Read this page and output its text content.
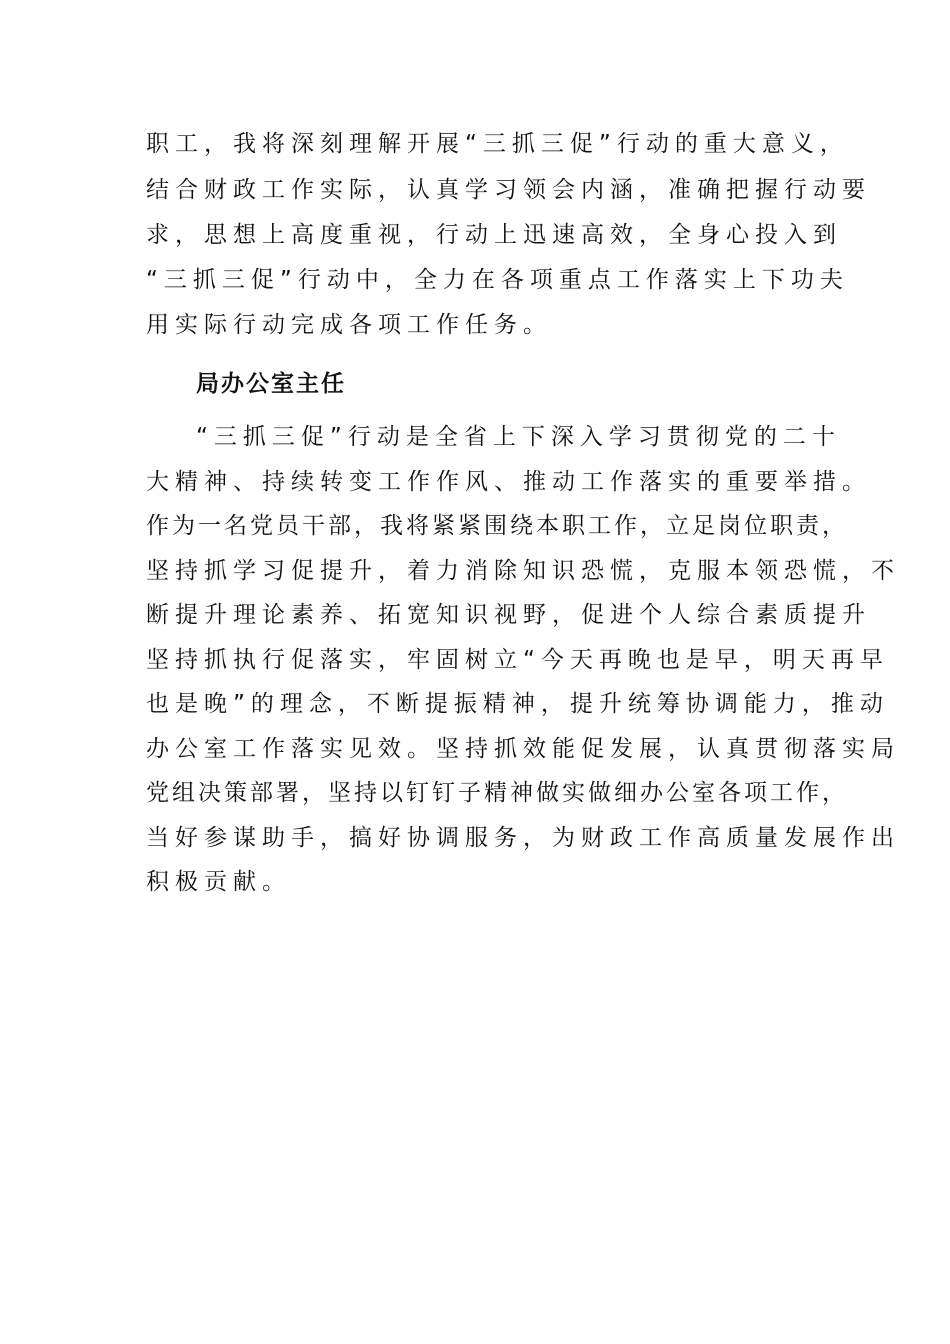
职工，我将深刻理解开展“三抓三促”行动的重大意义，
结合财政工作实际，认真学习领会内涵，准确把握行动要
求，思想上高度重视，行动上迅速高效，全身心投入到
“三抓三促”行动中，全力在各项重点工作落实上下功夫
用实际行动完成各项工作任务。
局办公室主任
“三抓三促”行动是全省上下深入学习贯彻党的二十
大精神、持续转变工作作风、推动工作落实的重要举措。
作为一名党员干部，我将紧紧围绕本职工作，立足岗位职责，
坚持抓学习促提升，着力消除知识恐慌，克服本领恐慌，不
断提升理论素养、拓宽知识视野，促进个人综合素质提升
坚持抓执行促落实，牢固树立“今天再晚也是早，明天再早
也是晚”的理念，不断提振精神，提升统筹协调能力，推动
办公室工作落实见效。坚持抓效能促发展，认真贯彻落实局
党组决策部署，坚持以钉钉子精神做实做细办公室各项工作，
当好参谋助手，搞好协调服务，为财政工作高质量发展作出
积极贡献。
